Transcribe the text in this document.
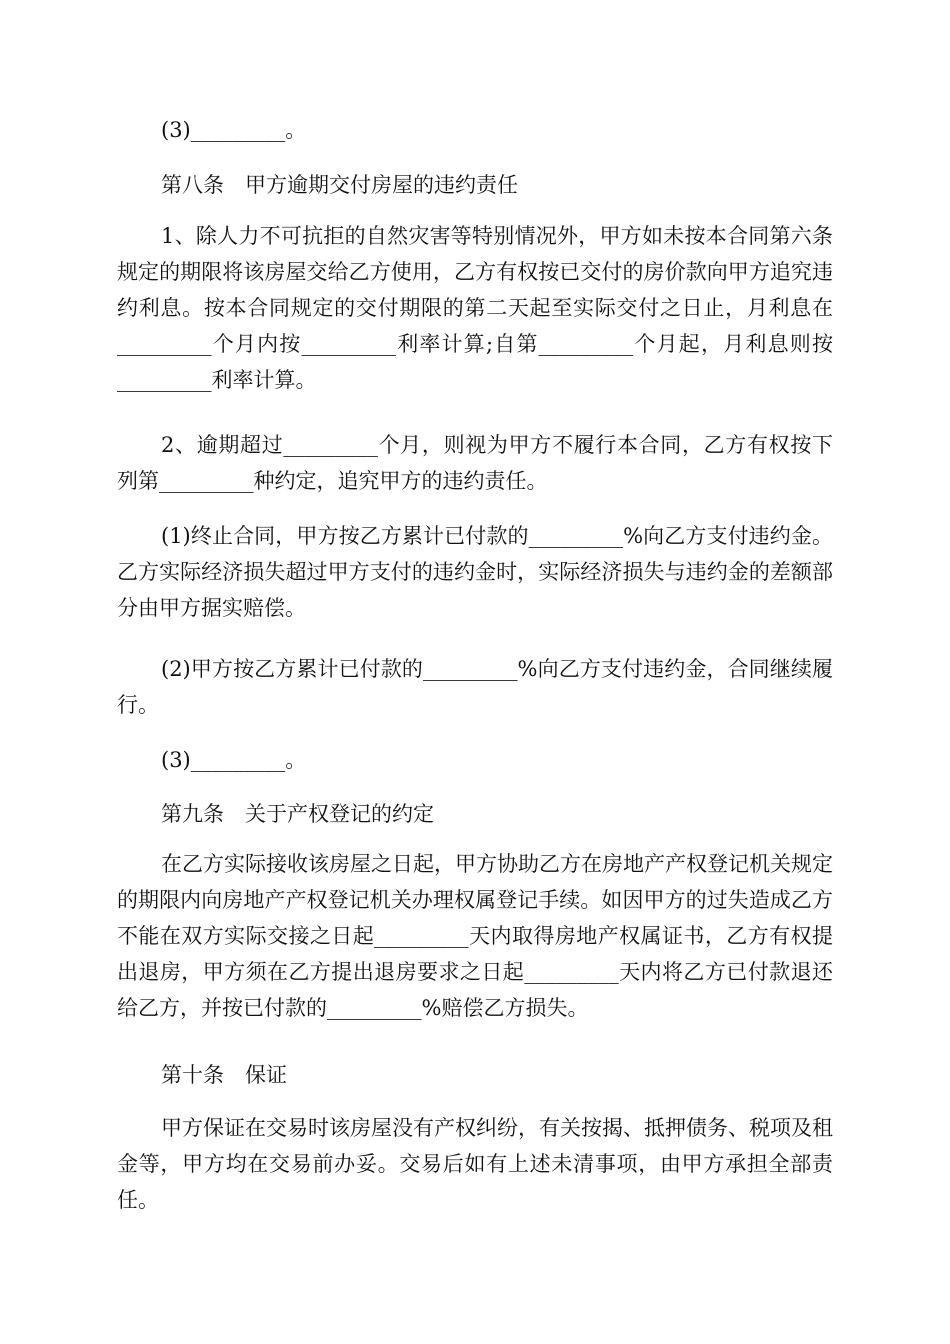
(3)_________。

第八条　甲方逾期交付房屋的违约责任

1、除人力不可抗拒的自然灾害等特别情况外，甲方如未按本合同第六条规定的期限将该房屋交给乙方使用，乙方有权按已交付的房价款向甲方追究违约利息。按本合同规定的交付期限的第二天起至实际交付之日止，月利息在_________个月内按_________利率计算;自第_________个月起，月利息则按_________利率计算。

2、逾期超过_________个月，则视为甲方不履行本合同，乙方有权按下列第_________种约定，追究甲方的违约责任。

(1)终止合同，甲方按乙方累计已付款的_________%向乙方支付违约金。乙方实际经济损失超过甲方支付的违约金时，实际经济损失与违约金的差额部分由甲方据实赔偿。

(2)甲方按乙方累计已付款的_________%向乙方支付违约金，合同继续履行。

(3)_________。

第九条　关于产权登记的约定

在乙方实际接收该房屋之日起，甲方协助乙方在房地产产权登记机关规定的期限内向房地产产权登记机关办理权属登记手续。如因甲方的过失造成乙方不能在双方实际交接之日起_________天内取得房地产权属证书，乙方有权提出退房，甲方须在乙方提出退房要求之日起_________天内将乙方已付款退还给乙方，并按已付款的_________%赔偿乙方损失。

第十条　保证

甲方保证在交易时该房屋没有产权纠纷，有关按揭、抵押债务、税项及租金等，甲方均在交易前办妥。交易后如有上述未清事项，由甲方承担全部责任。
